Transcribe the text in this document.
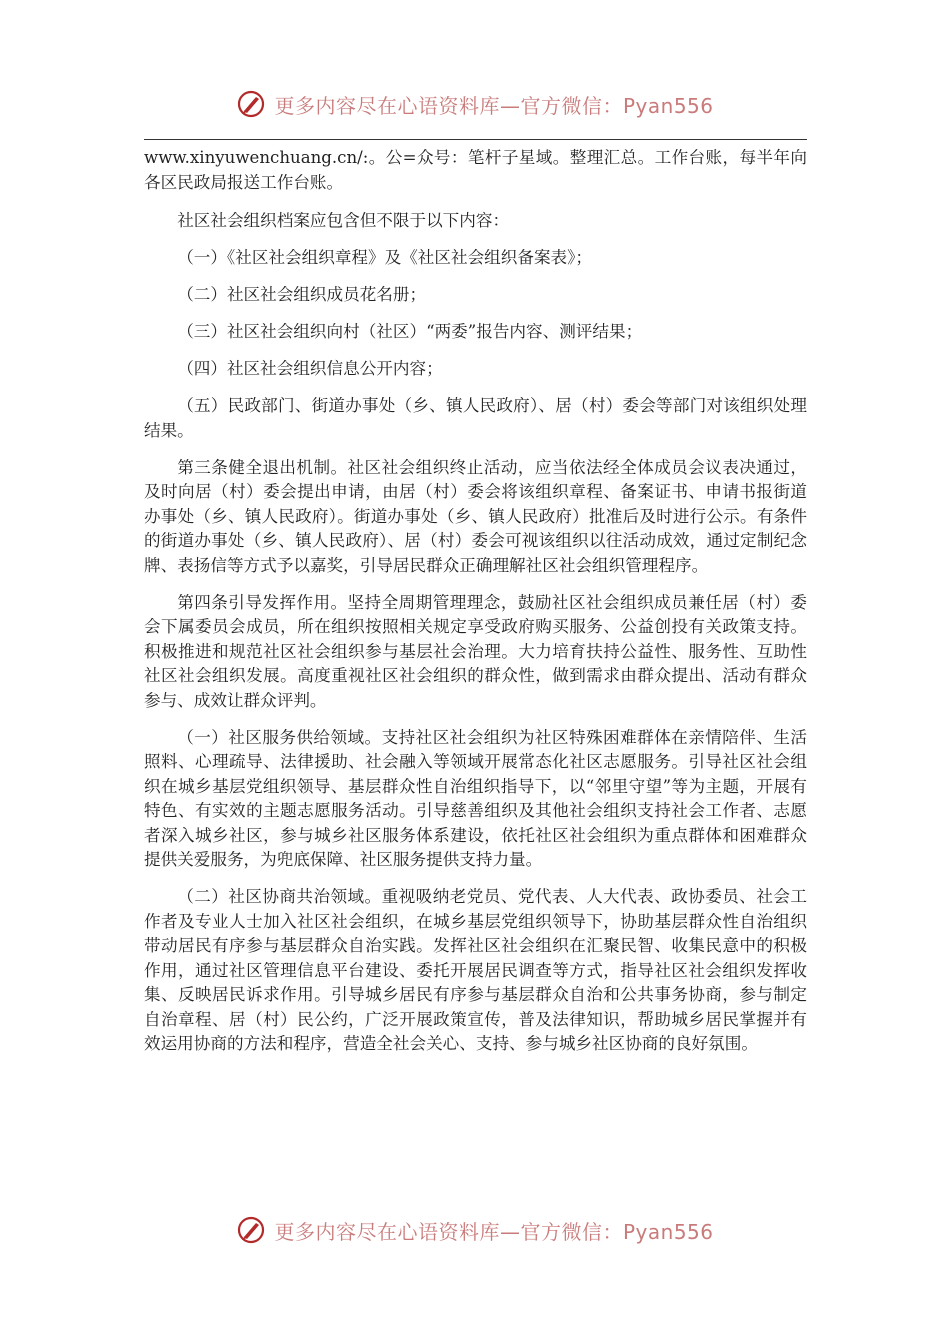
更多内容尽在心语资料库—官方微信：Pyan556

www.xinyuwenchuang.cn/:。公=众号：笔杆子星域。整理汇总。工作台账，每半年向各区民政局报送工作台账。

社区社会组织档案应包含但不限于以下内容：

（一）《社区社会组织章程》及《社区社会组织备案表》；

（二）社区社会组织成员花名册；

（三）社区社会组织向村（社区）“两委”报告内容、测评结果；

（四）社区社会组织信息公开内容；

（五）民政部门、街道办事处（乡、镇人民政府）、居（村）委会等部门对该组织处理结果。

第三条健全退出机制。社区社会组织终止活动，应当依法经全体成员会议表决通过，及时向居（村）委会提出申请，由居（村）委会将该组织章程、备案证书、申请书报街道办事处（乡、镇人民政府）。街道办事处（乡、镇人民政府）批准后及时进行公示。有条件的街道办事处（乡、镇人民政府）、居（村）委会可视该组织以往活动成效，通过定制纪念牌、表扬信等方式予以嘉奖，引导居民群众正确理解社区社会组织管理程序。

第四条引导发挥作用。坚持全周期管理理念，鼓励社区社会组织成员兼任居（村）委会下属委员会成员，所在组织按照相关规定享受政府购买服务、公益创投有关政策支持。积极推进和规范社区社会组织参与基层社会治理。大力培育扶持公益性、服务性、互助性社区社会组织发展。高度重视社区社会组织的群众性，做到需求由群众提出、活动有群众参与、成效让群众评判。

（一）社区服务供给领域。支持社区社会组织为社区特殊困难群体在亲情陪伴、生活照料、心理疏导、法律援助、社会融入等领域开展常态化社区志愿服务。引导社区社会组织在城乡基层党组织领导、基层群众性自治组织指导下，以“邻里守望”等为主题，开展有特色、有实效的主题志愿服务活动。引导慈善组织及其他社会组织支持社会工作者、志愿者深入城乡社区，参与城乡社区服务体系建设，依托社区社会组织为重点群体和困难群众提供关爱服务，为兜底保障、社区服务提供支持力量。

（二）社区协商共治领域。重视吸纳老党员、党代表、人大代表、政协委员、社会工作者及专业人士加入社区社会组织，在城乡基层党组织领导下，协助基层群众性自治组织带动居民有序参与基层群众自治实践。发挥社区社会组织在汇聚民智、收集民意中的积极作用，通过社区管理信息平台建设、委托开展居民调查等方式，指导社区社会组织发挥收集、反映居民诉求作用。引导城乡居民有序参与基层群众自治和公共事务协商，参与制定自治章程、居（村）民公约，广泛开展政策宣传，普及法律知识，帮助城乡居民掌握并有效运用协商的方法和程序，营造全社会关心、支持、参与城乡社区协商的良好氛围。

更多内容尽在心语资料库—官方微信：Pyan556
